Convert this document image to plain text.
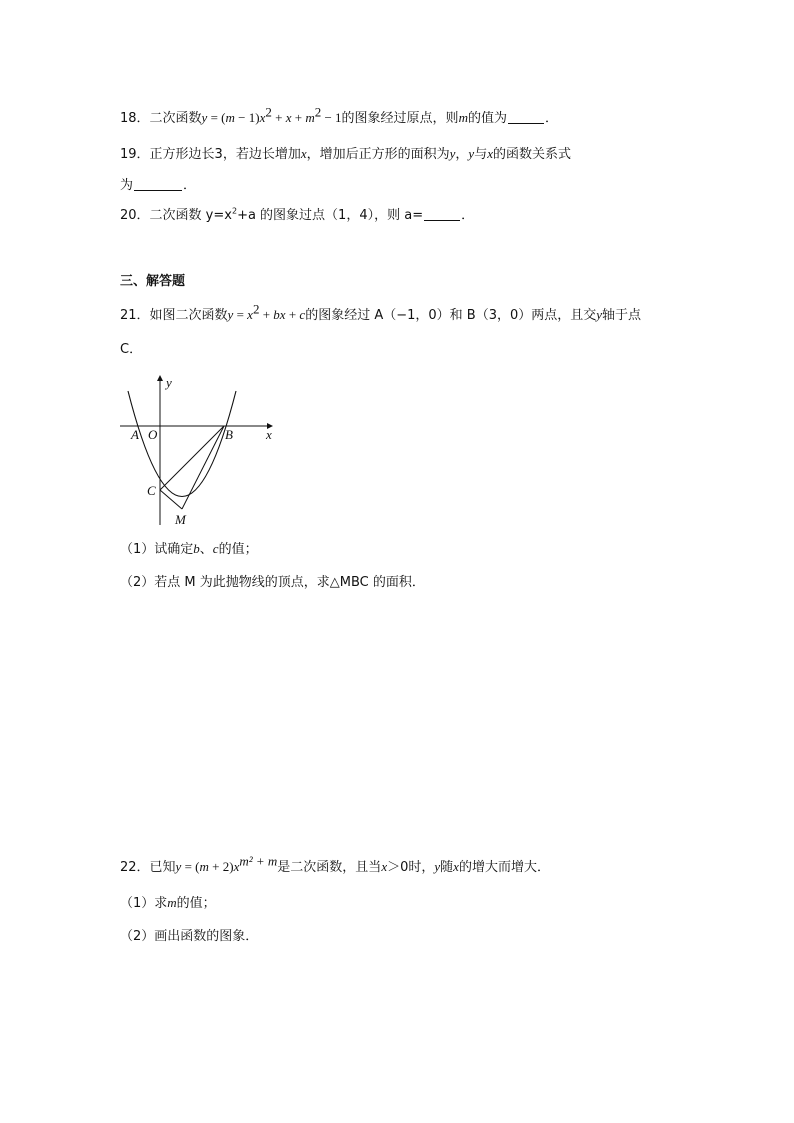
18．二次函数$y = (m - 1)x^2 + x + m^2 - 1$的图象经过原点，则m的值为	．
19．正方形边长3，若边长增加x，增加后正方形的面积为y，y与x的函数关系式
为	．
20．二次函数 $y=x^2+a$ 的图象过点（1，4），则 a=	．
三、解答题
21．如图二次函数$y = x^2$ + bx + c的图象经过 A（−1，0）和 B（3，0）两点，且交y轴于点
C．
y
x
A O	B
C
M
（1）试确定b、c的值；
（2）若点 M 为此抛物线的顶点，求△MBC 的面积．
22．已知$y = (m + 2)x^{m^2 + m}$是二次函数，且当x＞0时，y随x的增大而增大．
（1）求m的值；
（2）画出函数的图象．
